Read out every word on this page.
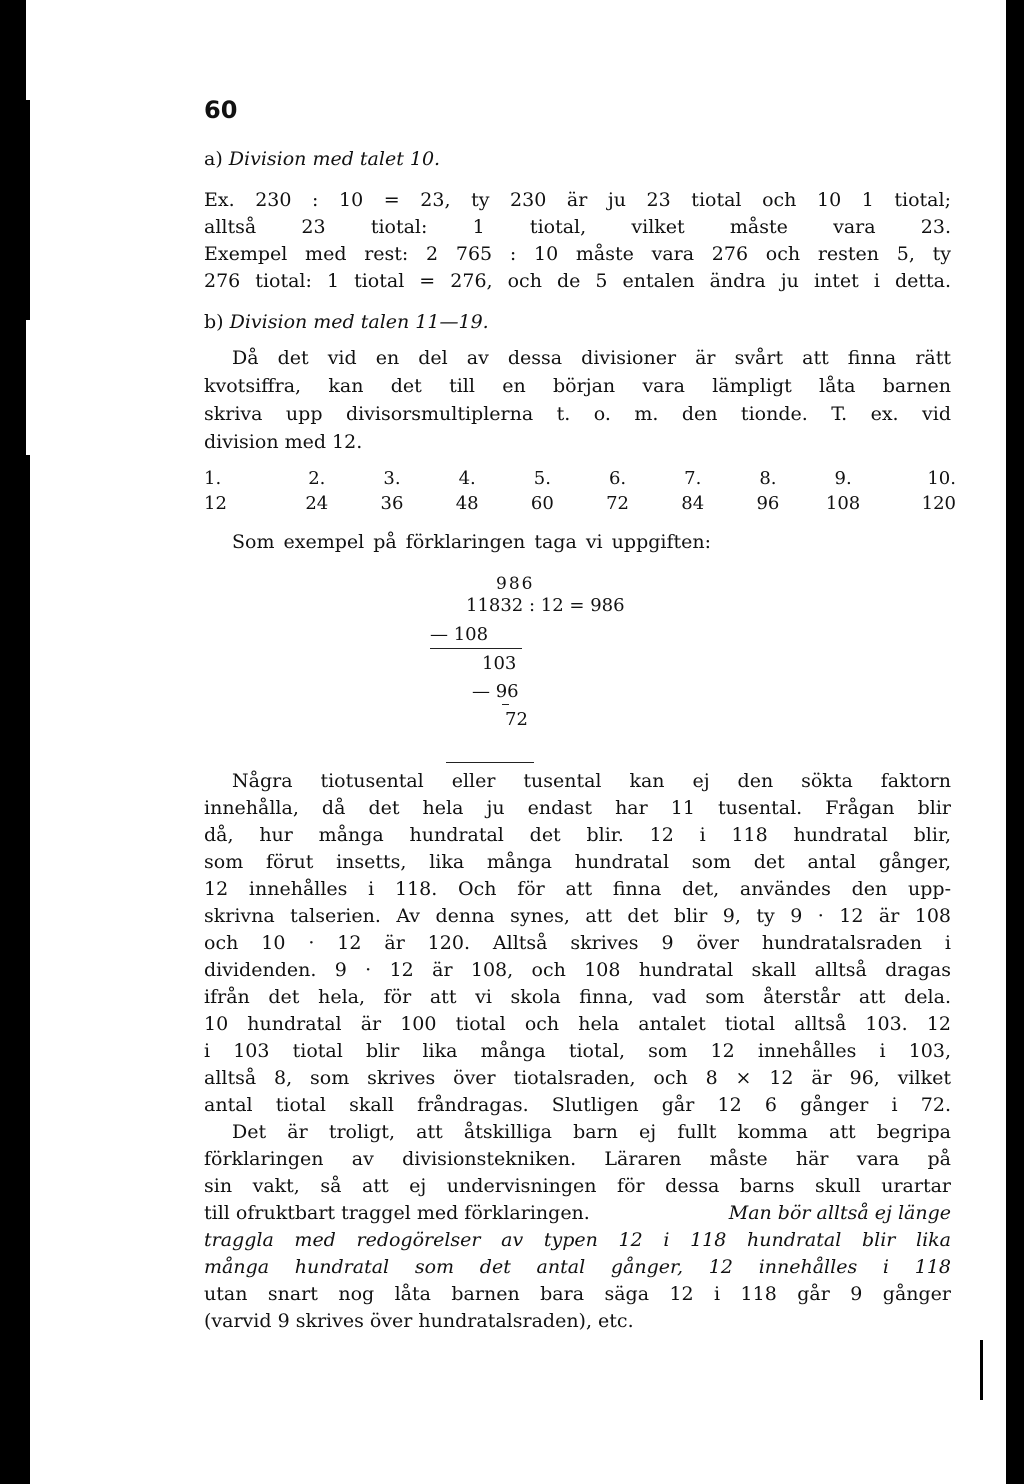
60
a) Division med talet 10.
Ex. 230 : 10 = 23, ty 230 är ju 23 tiotal och 10 1 tiotal;
alltså 23 tiotal: 1 tiotal, vilket måste vara 23.
Exempel med rest: 2 765 : 10 måste vara 276 och resten 5, ty
276 tiotal: 1 tiotal = 276, och de 5 entalen ändra ju intet i detta.
b) Division med talen 11—19.
Då det vid en del av dessa divisioner är svårt att finna rätt
kvotsiffra, kan det till en början vara lämpligt låta barnen
skriva upp divisorsmultiplerna t. o. m. den tionde. T. ex. vid
division med 12.
1.	2.	3.	4.	5.	6.	7.	8.	9.	10.
12	24	36	48	60	72	84	96	108	120
Som exempel på förklaringen taga vi uppgiften:
986
11832 : 12 = 986
— 108
103
— 96
72
Några tiotusental eller tusental kan ej den sökta faktorn
innehålla, då det hela ju endast har 11 tusental. Frågan blir
då, hur många hundratal det blir. 12 i 118 hundratal blir,
som förut insetts, lika många hundratal som det antal gånger,
12 innehålles i 118. Och för att finna det, användes den upp-
skrivna talserien. Av denna synes, att det blir 9, ty 9 · 12 är 108
och 10 · 12 är 120. Alltså skrives 9 över hundratalsraden i
dividenden. 9 · 12 är 108, och 108 hundratal skall alltså dragas
ifrån det hela, för att vi skola finna, vad som återstår att dela.
10 hundratal är 100 tiotal och hela antalet tiotal alltså 103. 12
i 103 tiotal blir lika många tiotal, som 12 innehålles i 103,
alltså 8, som skrives över tiotalsraden, och 8 × 12 är 96, vilket
antal tiotal skall fråndragas. Slutligen går 12 6 gånger i 72.
Det är troligt, att åtskilliga barn ej fullt komma att begripa
förklaringen av divisionstekniken. Läraren måste här vara på
sin vakt, så att ej undervisningen för dessa barns skull urartar
till ofruktbart traggel med förklaringen.	Man bör alltså ej länge
traggla med redogörelser av typen 12 i 118 hundratal blir lika
många hundratal som det antal gånger, 12 innehålles i 118
utan snart nog låta barnen bara säga 12 i 118 går 9 gånger
(varvid 9 skrives över hundratalsraden), etc.
